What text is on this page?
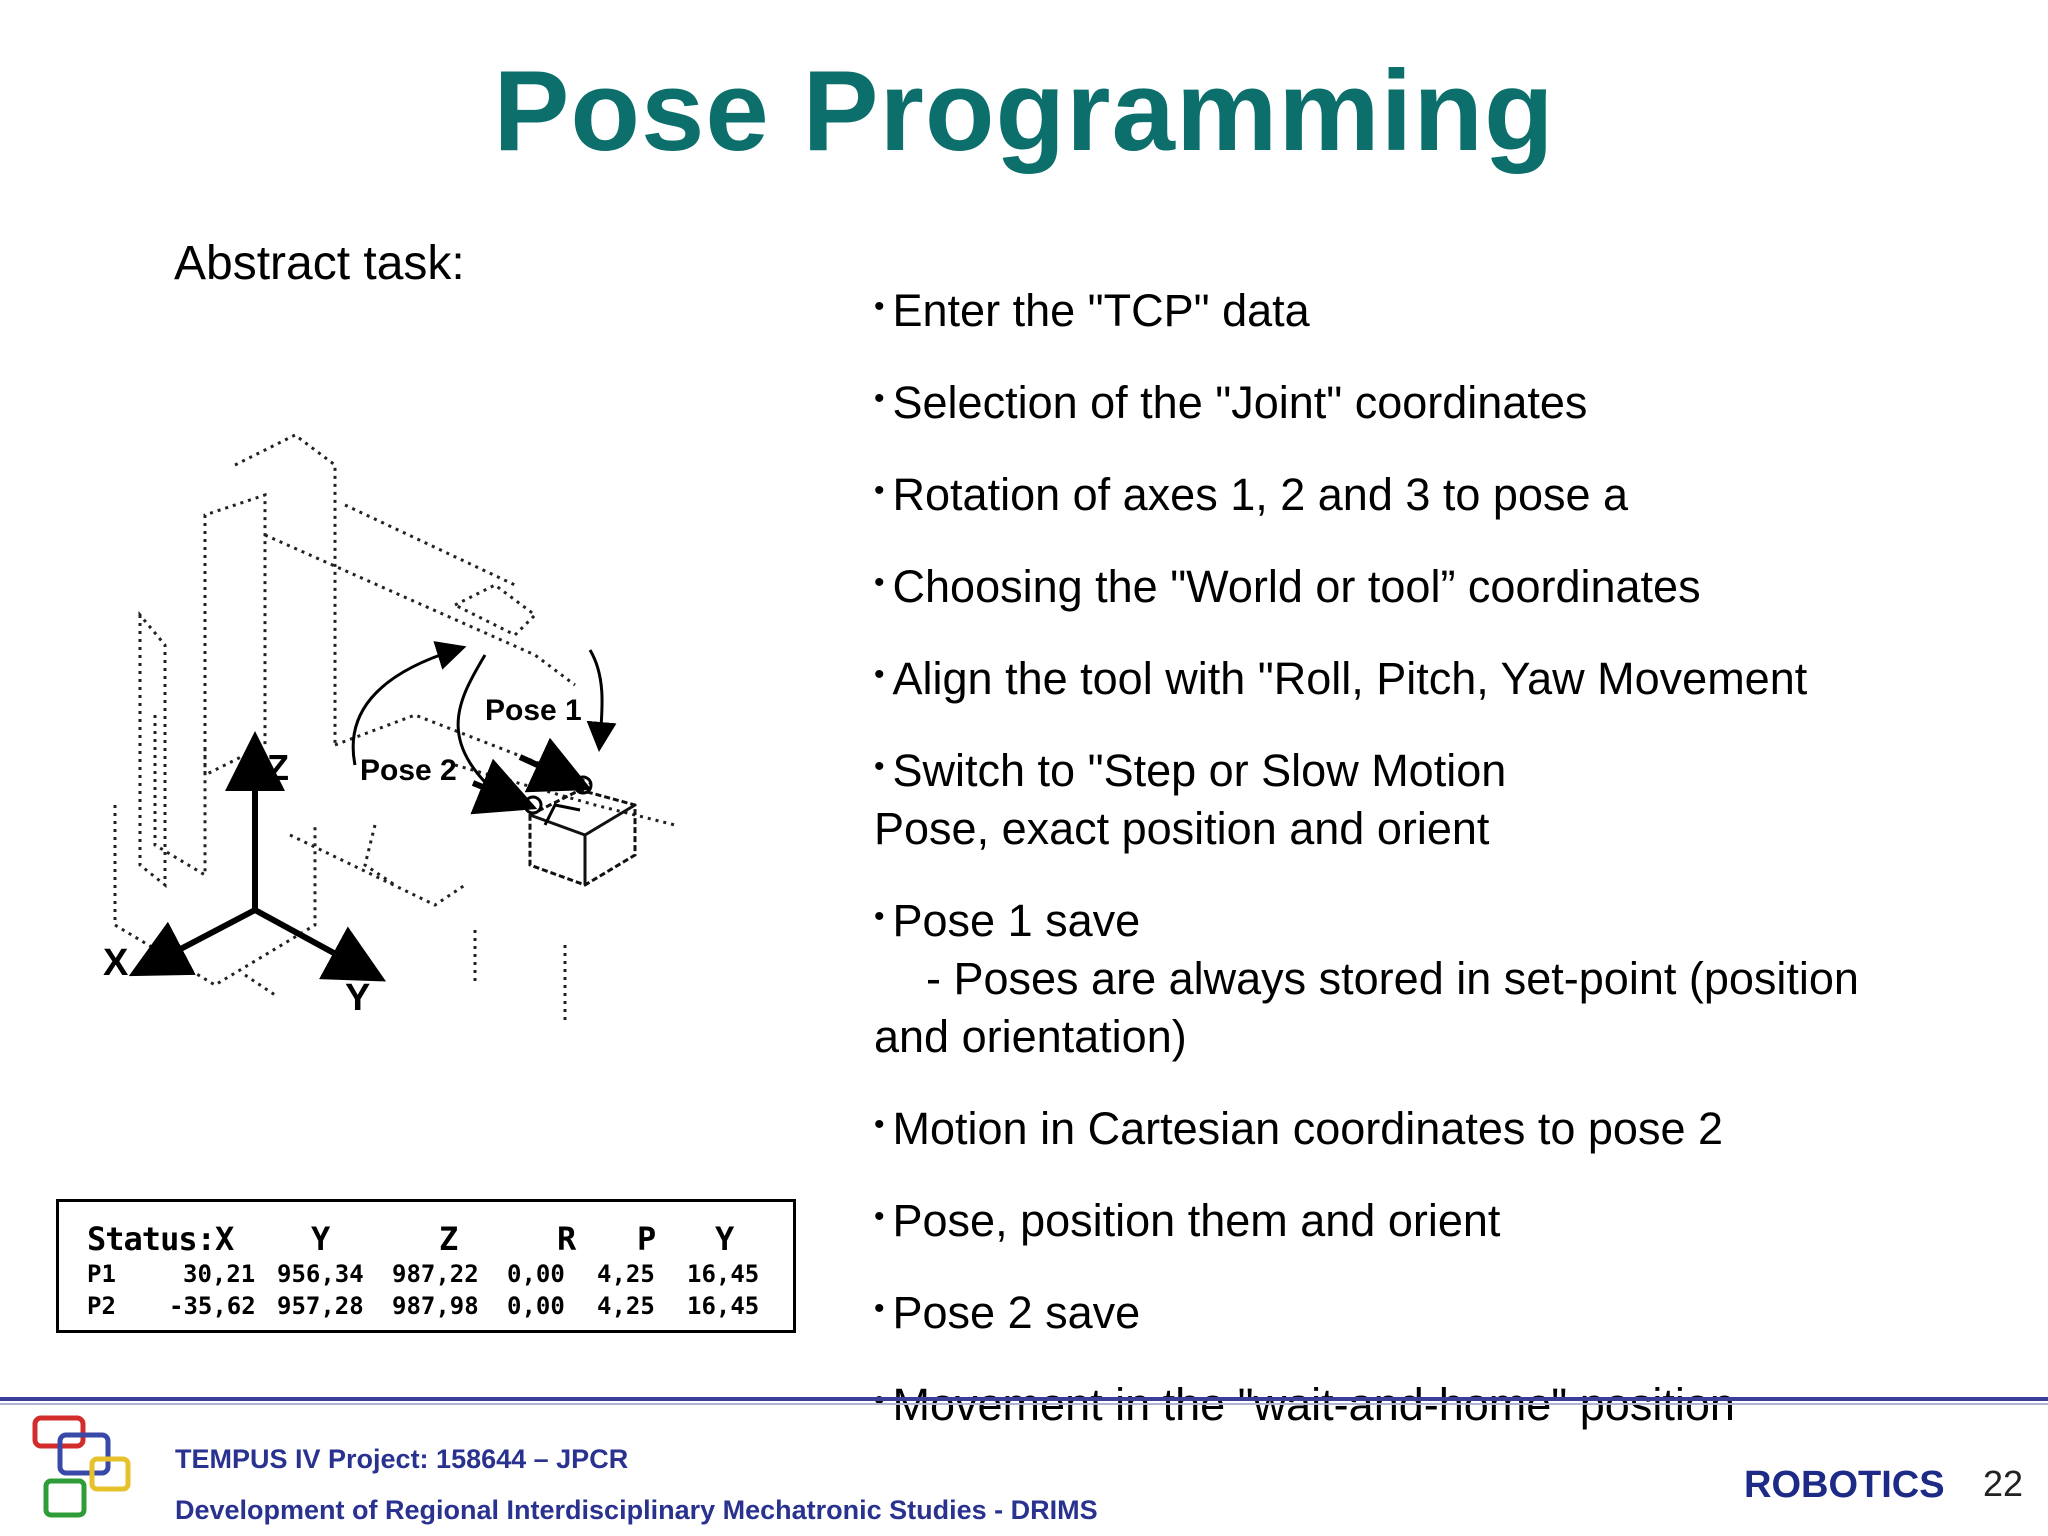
Pose Programming
Abstract task:
• Enter the "TCP" data
• Selection of the "Joint" coordinates
• Rotation of axes 1, 2 and 3 to pose a
• Choosing the "World or tool” coordinates
• Align the tool with "Roll, Pitch, Yaw Movement
• Switch to "Step or Slow Motion
Pose, exact position and orient
• Pose 1 save
- Poses are always stored in set-point (position
and orientation)
• Motion in Cartesian coordinates to pose 2
• Pose, position them and orient
• Pose 2 save
Pose 1
Pose 2
Z
X
Y
Status: X Y	Z	R P Y
P1	30,21 956,34 987,22 0,00 4,25 16,45
P2 -35,62 957,28 987,98 0,00 4,25 16,45
TEMPUS IV Project: 158644 – JPCR
Development of Regional Interdisciplinary Mechatronic Studies - DRIMS
ROBOTICS 22
